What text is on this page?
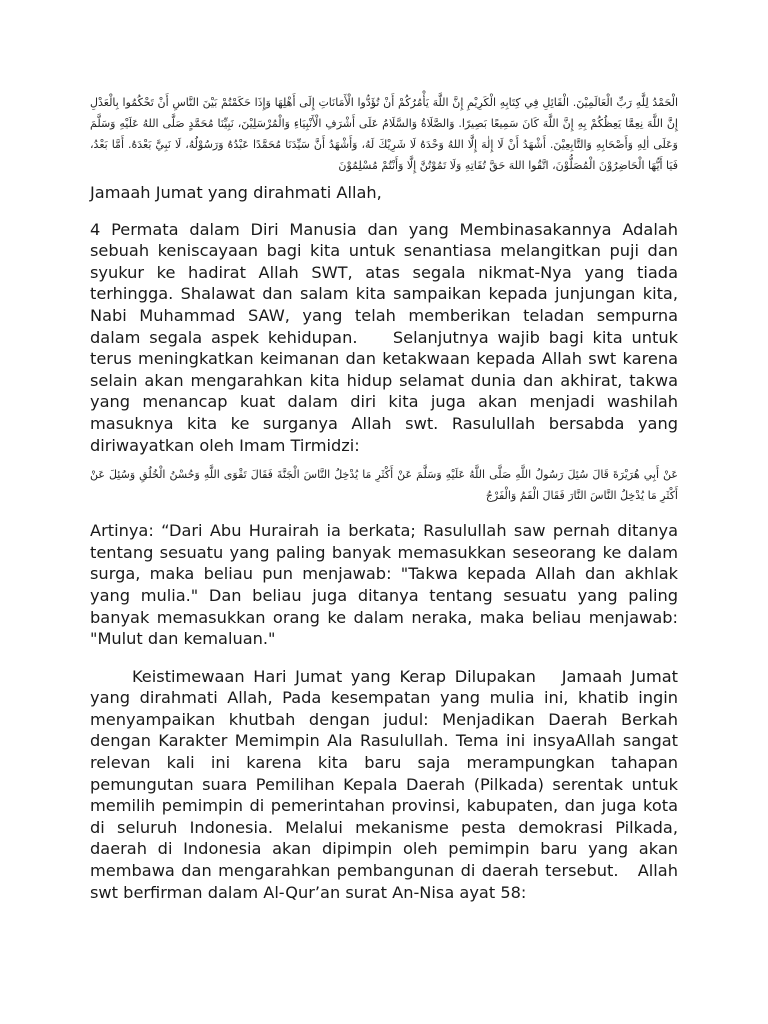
الْحَمْدُ لِلَّهِ رَبِّ الْعَالَمِيْنَ. الْقَائِلِ فِي كِتَابِهِ الْكَرِيْمِ إِنَّ اللَّهَ يَأْمُرُكُمْ أَنْ تُؤَدُّوا الْأَمَانَاتِ إِلَى أَهْلِهَا وَإِذَا حَكَمْتُمْ بَيْنَ النَّاسِ أَنْ تَحْكُمُوا بِالْعَدْلِ إِنَّ اللَّهَ نِعِمَّا يَعِظُكُمْ بِهِ إِنَّ اللَّهَ كَانَ سَمِيعًا بَصِيرًا. وَالصَّلَاةُ وَالسَّلَامُ عَلَى أَشْرَفِ الْأَنْبِيَاءِ وَالْمُرْسَلِيْنَ، نَبِيِّنَا مُحَمَّدٍ صَلَّى اللهُ عَلَيْهِ وَسَلَّمَ وَعَلَى اٰلِهِ وَأَصْحَابِهِ وَالتَّابِعِيْنَ. أَشْهَدُ أَنْ لَا إِلٰهَ إِلَّا اللهُ وَحْدَهُ لَا شَرِيْكَ لَهُ، وَأَشْهَدُ أَنَّ سَيِّدَنَا مُحَمَّدًا عَبْدُهُ وَرَسُوْلُهُ، لَا نَبِيَّ بَعْدَهُ. أَمَّا بَعْدُ، فَيَا أَيُّهَا الْحَاضِرُوْنَ الْمُصَلُّوْنَ، اتَّقُوا اللهَ حَقَّ تُقَاتِهِ وَلَا تَمُوْتُنَّ إِلَّا وَأَنْتُمْ مُسْلِمُوْنَ

Jamaah Jumat yang dirahmati Allah,

4 Permata dalam Diri Manusia dan yang Membinasakannya Adalah sebuah keniscayaan bagi kita untuk senantiasa melangitkan puji dan syukur ke hadirat Allah SWT, atas segala nikmat-Nya yang tiada terhingga. Shalawat dan salam kita sampaikan kepada junjungan kita, Nabi Muhammad SAW, yang telah memberikan teladan sempurna dalam segala aspek kehidupan.    Selanjutnya wajib bagi kita untuk terus meningkatkan keimanan dan ketakwaan kepada Allah swt karena selain akan mengarahkan kita hidup selamat dunia dan akhirat, takwa yang menancap kuat dalam diri kita juga akan menjadi washilah masuknya kita ke surganya Allah swt. Rasulullah bersabda yang diriwayatkan oleh Imam Tirmidzi:

عَنْ أَبِي هُرَيْرَةَ قَالَ سُئِلَ رَسُولُ اللَّهِ صَلَّى اللَّهُ عَلَيْهِ وَسَلَّمَ عَنْ أَكْثَرِ مَا يُدْخِلُ النَّاسَ الْجَنَّةَ فَقَالَ تَقْوَى اللَّهِ وَحُسْنُ الْخُلُقِ وَسُئِلَ عَنْ أَكْثَرِ مَا يُدْخِلُ النَّاسَ النَّارَ فَقَالَ الْفَمُ وَالْفَرْجُ

Artinya: “Dari Abu Hurairah ia berkata; Rasulullah saw pernah ditanya tentang sesuatu yang paling banyak memasukkan seseorang ke dalam surga, maka beliau pun menjawab: "Takwa kepada Allah dan akhlak yang mulia." Dan beliau juga ditanya tentang sesuatu yang paling banyak memasukkan orang ke dalam neraka, maka beliau menjawab: "Mulut dan kemaluan."

Keistimewaan Hari Jumat yang Kerap Dilupakan   Jamaah Jumat yang dirahmati Allah, Pada kesempatan yang mulia ini, khatib ingin menyampaikan khutbah dengan judul: Menjadikan Daerah Berkah dengan Karakter Memimpin Ala Rasulullah. Tema ini insyaAllah sangat relevan kali ini karena kita baru saja merampungkan tahapan pemungutan suara Pemilihan Kepala Daerah (Pilkada) serentak untuk memilih pemimpin di pemerintahan provinsi, kabupaten, dan juga kota di seluruh Indonesia. Melalui mekanisme pesta demokrasi Pilkada, daerah di Indonesia akan dipimpin oleh pemimpin baru yang akan membawa dan mengarahkan pembangunan di daerah tersebut.   Allah swt berfirman dalam Al-Qur’an surat An-Nisa ayat 58:
